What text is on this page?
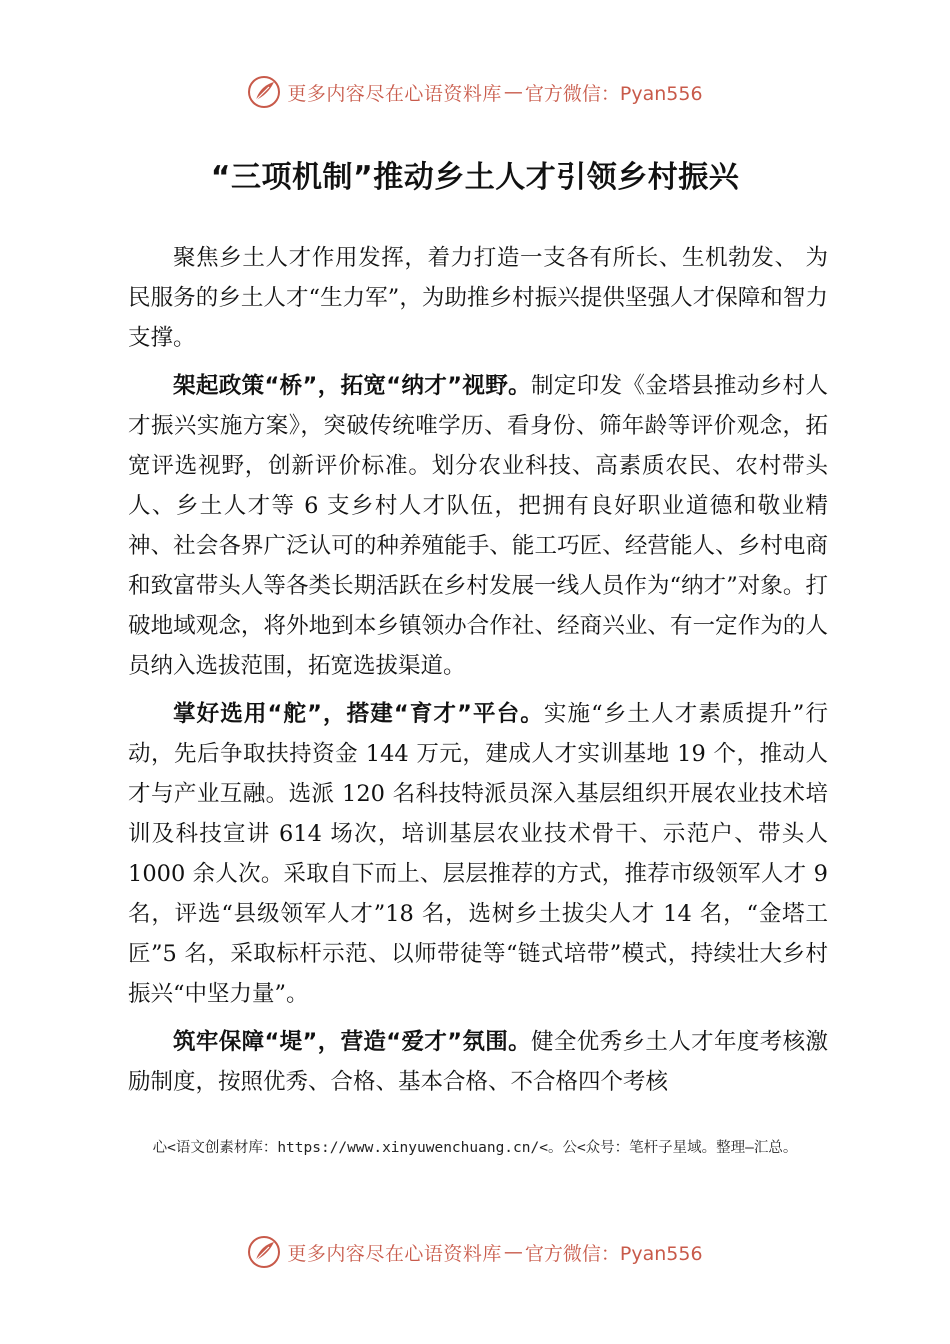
更多内容尽在心语资料库 — 官方微信：Pyan556
“三项机制”推动乡土人才引领乡村振兴

聚焦乡土人才作用发挥，着力打造一支各有所长、生机勃发、 为民服务的乡土人才“生力军”，为助推乡村振兴提供坚强人才保障和智力支撑。

架起政策“桥”，拓宽“纳才”视野。制定印发《金塔县推动乡村人才振兴实施方案》，突破传统唯学历、看身份、筛年龄等评价观念，拓宽评选视野，创新评价标准。划分农业科技、高素质农民、农村带头人、乡土人才等 6 支乡村人才队伍，把拥有良好职业道德和敬业精神、社会各界广泛认可的种养殖能手、能工巧匠、经营能人、乡村电商和致富带头人等各类长期活跃在乡村发展一线人员作为“纳才”对象。打破地域观念，将外地到本乡镇领办合作社、经商兴业、有一定作为的人员纳入选拔范围，拓宽选拔渠道。

掌好选用“舵”，搭建“育才”平台。实施“乡土人才素质提升”行动，先后争取扶持资金 144 万元，建成人才实训基地 19 个，推动人才与产业互融。选派 120 名科技特派员深入基层组织开展农业技术培训及科技宣讲 614 场次，培训基层农业技术骨干、示范户、带头人 1000 余人次。采取自下而上、层层推荐的方式，推荐市级领军人才 9 名，评选“县级领军人才”18 名，选树乡土拔尖人才 14 名，“金塔工匠”5 名，采取标杆示范、以师带徒等“链式培带”模式，持续壮大乡村振兴“中坚力量”。

筑牢保障“堤”，营造“爱才”氛围。健全优秀乡土人才年度考核激励制度，按照优秀、合格、基本合格、不合格四个考核

心<语文创素材库：https://www.xinyuwenchuang.cn/<。公<众号：笔杆子星域。整理—汇总。
更多内容尽在心语资料库 — 官方微信：Pyan556
